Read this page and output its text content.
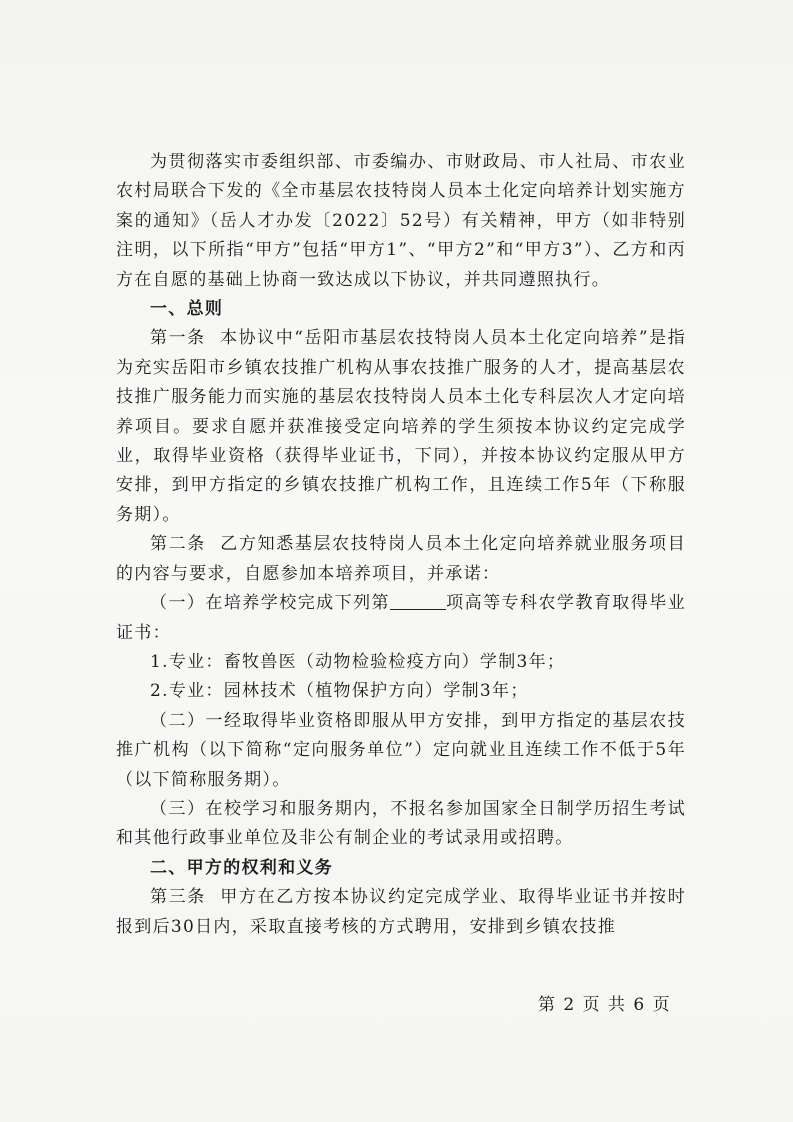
为贯彻落实市委组织部、市委编办、市财政局、市人社局、市农业农村局联合下发的《全市基层农技特岗人员本土化定向培养计划实施方案的通知》（岳人才办发〔2022〕52号）有关精神，甲方（如非特别注明，以下所指“甲方”包括“甲方1”、“甲方2”和“甲方3”）、乙方和丙方在自愿的基础上协商一致达成以下协议，并共同遵照执行。

一、总则

第一条 本协议中“岳阳市基层农技特岗人员本土化定向培养”是指为充实岳阳市乡镇农技推广机构从事农技推广服务的人才，提高基层农技推广服务能力而实施的基层农技特岗人员本土化专科层次人才定向培养项目。要求自愿并获准接受定向培养的学生须按本协议约定完成学业，取得毕业资格（获得毕业证书，下同），并按本协议约定服从甲方安排，到甲方指定的乡镇农技推广机构工作，且连续工作5年（下称服务期）。

第二条 乙方知悉基层农技特岗人员本土化定向培养就业服务项目的内容与要求，自愿参加本培养项目，并承诺：

（一）在培养学校完成下列第	项高等专科农学教育取得毕业证书：

1.专业：畜牧兽医（动物检验检疫方向）学制3年；

2.专业：园林技术（植物保护方向）学制3年；

（二）一经取得毕业资格即服从甲方安排，到甲方指定的基层农技推广机构（以下简称“定向服务单位”）定向就业且连续工作不低于5年（以下简称服务期）。

（三）在校学习和服务期内，不报名参加国家全日制学历招生考试和其他行政事业单位及非公有制企业的考试录用或招聘。

二、甲方的权利和义务

第三条 甲方在乙方按本协议约定完成学业、取得毕业证书并按时报到后30日内，采取直接考核的方式聘用，安排到乡镇农技推

第 2 页 共 6 页
